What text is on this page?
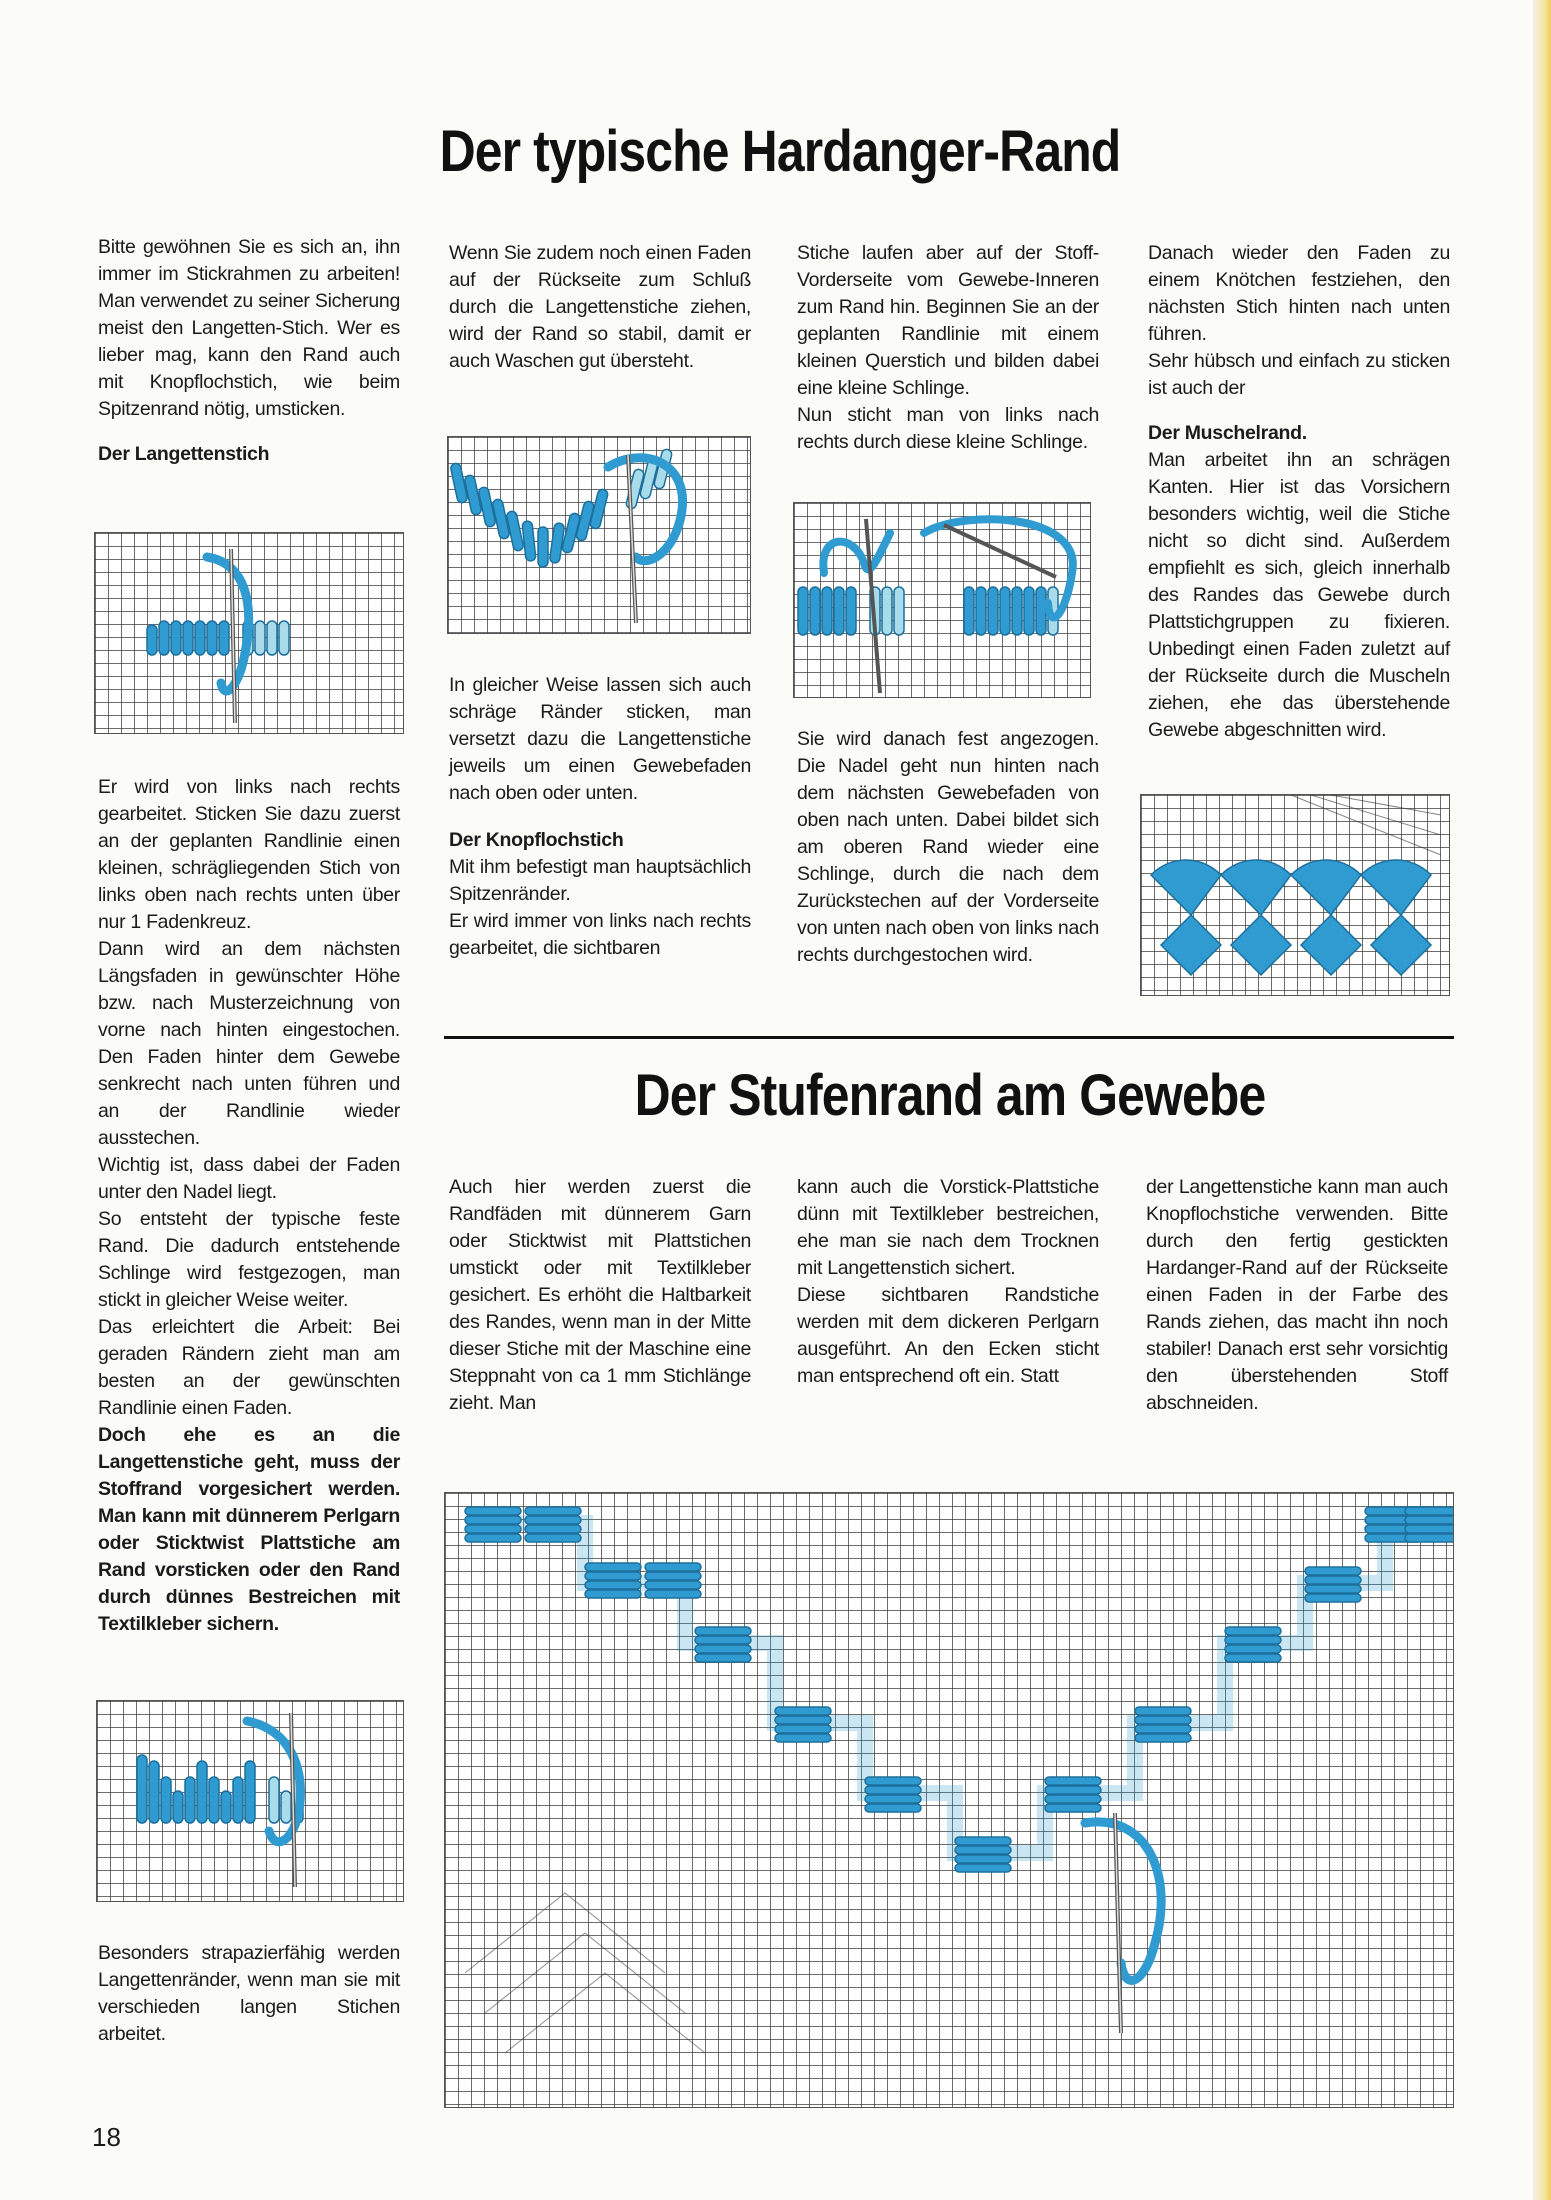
Der typische Hardanger-Rand

Bitte gewöhnen Sie es sich an, ihn immer im Stickrahmen zu arbeiten! Man verwendet zu seiner Sicherung meist den Langetten-Stich. Wer es lieber mag, kann den Rand auch mit Knopflochstich, wie beim Spitzenrand nötig, umsticken.

Der Langettenstich

Er wird von links nach rechts gearbeitet. Sticken Sie dazu zuerst an der geplanten Randlinie einen kleinen, schrägliegenden Stich von links oben nach rechts unten über nur 1 Fadenkreuz.

Dann wird an dem nächsten Längsfaden in gewünschter Höhe bzw. nach Musterzeichnung von vorne nach hinten eingestochen. Den Faden hinter dem Gewebe senkrecht nach unten führen und an der Randlinie wieder ausstechen.

Wichtig ist, dass dabei der Faden unter den Nadel liegt.

So entsteht der typische feste Rand. Die dadurch entstehende Schlinge wird festgezogen, man stickt in gleicher Weise weiter.

Das erleichtert die Arbeit: Bei geraden Rändern zieht man am besten an der gewünschten Randlinie einen Faden.

Doch ehe es an die Langettenstiche geht, muss der Stoffrand vorgesichert werden. Man kann mit dünnerem Perlgarn oder Sticktwist Plattstiche am Rand vorsticken oder den Rand durch dünnes Bestreichen mit Textilkleber sichern.

Besonders strapazierfähig werden Langettenränder, wenn man sie mit verschieden langen Stichen arbeitet.

Wenn Sie zudem noch einen Faden auf der Rückseite zum Schluß durch die Langettenstiche ziehen, wird der Rand so stabil, damit er auch Waschen gut übersteht.

In gleicher Weise lassen sich auch schräge Ränder sticken, man versetzt dazu die Langettenstiche jeweils um einen Gewebefaden nach oben oder unten.

Der Knopflochstich

Mit ihm befestigt man hauptsächlich Spitzenränder.

Er wird immer von links nach rechts gearbeitet, die sichtbaren

Stiche laufen aber auf der Stoff-Vorderseite vom Gewebe-Inneren zum Rand hin. Beginnen Sie an der geplanten Randlinie mit einem kleinen Querstich und bilden dabei eine kleine Schlinge.

Nun sticht man von links nach rechts durch diese kleine Schlinge.

Sie wird danach fest angezogen. Die Nadel geht nun hinten nach dem nächsten Gewebefaden von oben nach unten. Dabei bildet sich am oberen Rand wieder eine Schlinge, durch die nach dem Zurückstechen auf der Vorderseite von unten nach oben von links nach rechts durchgestochen wird.

Danach wieder den Faden zu einem Knötchen festziehen, den nächsten Stich hinten nach unten führen.

Sehr hübsch und einfach zu sticken ist auch der

Der Muschelrand.

Man arbeitet ihn an schrägen Kanten. Hier ist das Vorsichern besonders wichtig, weil die Stiche nicht so dicht sind. Außerdem empfiehlt es sich, gleich innerhalb des Randes das Gewebe durch Plattstichgruppen zu fixieren. Unbedingt einen Faden zuletzt auf der Rückseite durch die Muscheln ziehen, ehe das überstehende Gewebe abgeschnitten wird.

Der Stufenrand am Gewebe

Auch hier werden zuerst die Randfäden mit dünnerem Garn oder Sticktwist mit Plattstichen umstickt oder mit Textilkleber gesichert. Es erhöht die Haltbarkeit des Randes, wenn man in der Mitte dieser Stiche mit der Maschine eine Steppnaht von ca 1 mm Stichlänge zieht. Man

kann auch die Vorstick-Plattstiche dünn mit Textilkleber bestreichen, ehe man sie nach dem Trocknen mit Langettenstich sichert.

Diese sichtbaren Randstiche werden mit dem dickeren Perlgarn ausgeführt. An den Ecken sticht man entsprechend oft ein. Statt

der Langettenstiche kann man auch Knopflochstiche verwenden. Bitte durch den fertig gestickten Hardanger-Rand auf der Rückseite einen Faden in der Farbe des Rands ziehen, das macht ihn noch stabiler! Danach erst sehr vorsichtig den überstehenden Stoff abschneiden.

18
